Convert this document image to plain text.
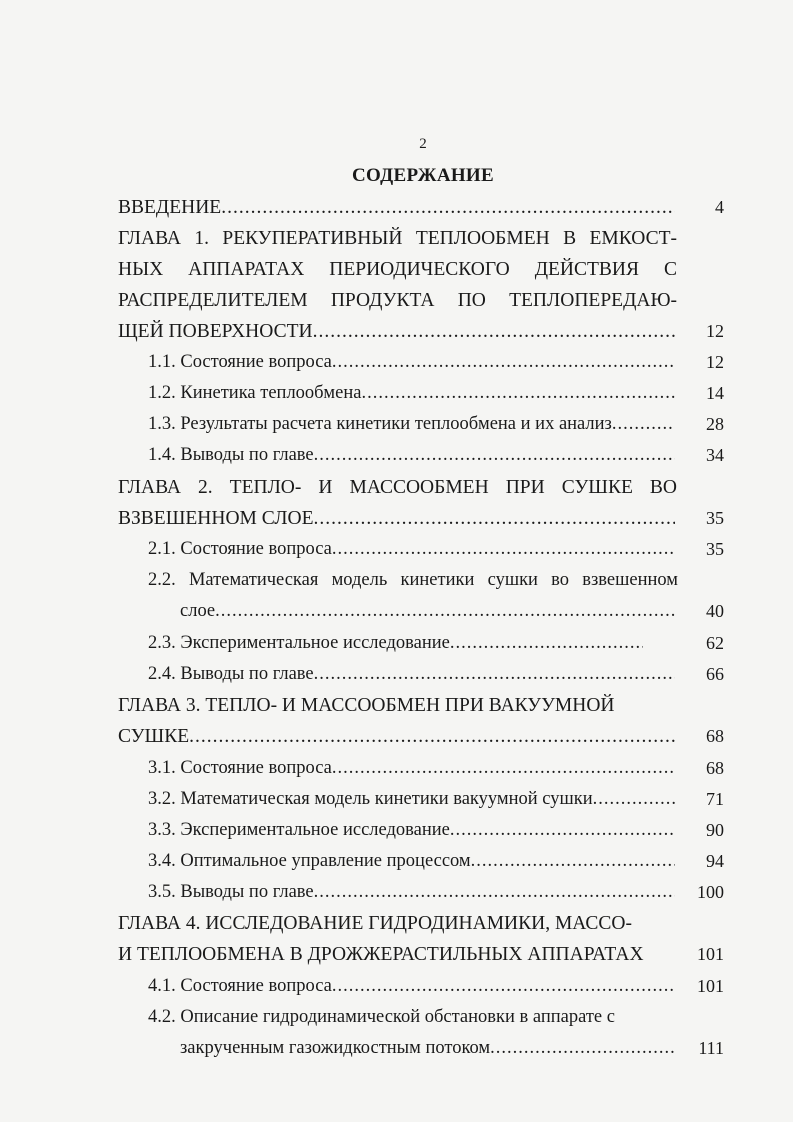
2
СОДЕРЖАНИЕ
ВВЕДЕНИЕ .....	4
ГЛАВА 1. РЕКУПЕРАТИВНЫЙ ТЕПЛООБМЕН В ЕМКОСТ-
НЫХ АППАРАТАХ ПЕРИОДИЧЕСКОГО ДЕЙСТВИЯ С
РАСПРЕДЕЛИТЕЛЕМ ПРОДУКТА ПО ТЕПЛОПЕРЕДАЮ-
ЩЕЙ ПОВЕРХНОСТИ .....	12
1.1. Состояние вопроса .....	12
1.2. Кинетика теплообмена .....	14
1.3. Результаты расчета кинетики теплообмена и их анализ .....	28
1.4. Выводы по главе .....	34
ГЛАВА 2. ТЕПЛО- И МАССООБМЕН ПРИ СУШКЕ ВО
ВЗВЕШЕННОМ СЛОЕ .....	35
2.1. Состояние вопроса .....	35
2.2. Математическая модель кинетики сушки во взвешенном
слое .....	40
2.3. Экспериментальное исследование .....	62
2.4. Выводы по главе .....	66
ГЛАВА 3. ТЕПЛО- И МАССООБМЕН ПРИ ВАКУУМНОЙ
СУШКЕ .....	68
3.1. Состояние вопроса .....	68
3.2. Математическая модель кинетики вакуумной сушки .....	71
3.3. Экспериментальное исследование .....	90
3.4. Оптимальное управление процессом .....	94
3.5. Выводы по главе .....	100
ГЛАВА 4. ИССЛЕДОВАНИЕ ГИДРОДИНАМИКИ, МАССО-
И ТЕПЛООБМЕНА В ДРОЖЖЕРАСТИЛЬНЫХ АППАРАТАХ	101
4.1. Состояние вопроса .....	101
4.2. Описание гидродинамической обстановки в аппарате с
закрученным газожидкостным потоком .....	111
